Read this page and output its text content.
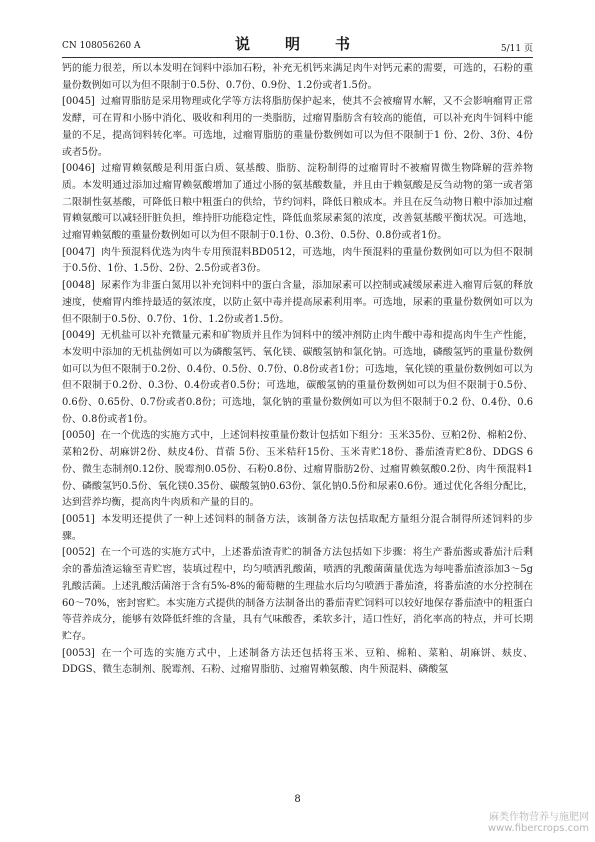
CN 108056260 A	说　明　书	5/11 页

钙的能力很差，所以本发明在饲料中添加石粉，补充无机钙来满足肉牛对钙元素的需要，可选的，石粉的重量份数例如可以为但不限制于0.5份、0.7份、0.9份、1.2份或者1.5份。

[0045] 过瘤胃脂肪是采用物理或化学等方法将脂肪保护起来，使其不会被瘤胃水解，又不会影响瘤胃正常发酵，可在胃和小肠中消化、吸收和利用的一类脂肪，过瘤胃脂肪含有较高的能值，可以补充肉牛饲料中能量的不足，提高饲料转化率。可选地，过瘤胃脂肪的重量份数例如可以为但不限制于1 份、2份、3份、4份或者5份。

[0046] 过瘤胃赖氨酸是利用蛋白质、氨基酸、脂肪、淀粉制得的过瘤胃时不被瘤胃微生物降解的营养物质。本发明通过添加过瘤胃赖氨酸增加了通过小肠的氨基酸数量，并且由于赖氨酸是反刍动物的第一或者第二限制性氨基酸，可降低日粮中粗蛋白的供给，节约饲料，降低日粮成本。并且在反刍动物日粮中添加过瘤胃赖氨酸可以减轻肝脏负担，维持肝功能稳定性，降低血浆尿素氮的浓度，改善氨基酸平衡状况。可选地，过瘤胃赖氨酸的重量份数例如可以为但不限制于0.1份、0.3份、0.5份、0.8份或者1份。

[0047] 肉牛预混料优选为肉牛专用预混料BD0512，可选地，肉牛预混料的重量份数例如可以为但不限制于0.5份、1份、1.5份、2份、2.5份或者3份。

[0048] 尿素作为非蛋白氮用以补充饲料中的蛋白含量，添加尿素可以控制或减缓尿素进入瘤胃后氨的释放速度，使瘤胃内维持最适的氨浓度，以防止氨中毒并提高尿素利用率。可选地，尿素的重量份数例如可以为但不限制于0.5份、0.7份、1份、1.2份或者1.5份。

[0049] 无机盐可以补充微量元素和矿物质并且作为饲料中的缓冲剂防止肉牛酸中毒和提高肉牛生产性能，本发明中添加的无机盐例如可以为磷酸氢钙、氧化镁、碳酸氢钠和氯化钠。可选地，磷酸氢钙的重量份数例如可以为但不限制于0.2份、0.4份、0.5份、0.7份、0.8份或者1份；可选地，氧化镁的重量份数例如可以为但不限制于0.2份、0.3份、0.4份或者0.5份；可选地，碳酸氢钠的重量份数例如可以为但不限制于0.5份、0.6份、0.65份、0.7份或者0.8份；可选地，氯化钠的重量份数例如可以为但不限制于0.2 份、0.4份、0.6份、0.8份或者1份。

[0050] 在一个优选的实施方式中，上述饲料按重量份数计包括如下组分：玉米35份、豆粕2份、棉粕2份、菜粕2份、胡麻饼2份、麸皮4份、苜蓿 5份、玉米秸秆15份、玉米青贮18份、番茄渣青贮8份、DDGS 6份、微生态制剂0.12份、脱霉剂0.05份、石粉0.8份、过瘤胃脂肪2份、过瘤胃赖氨酸0.2份、肉牛预混料1份、磷酸氢钙0.5份、氧化镁0.35份、碳酸氢钠0.63份、氯化钠0.5份和尿素0.6份。通过优化各组分配比，达到营养均衡，提高肉牛肉质和产量的目的。

[0051] 本发明还提供了一种上述饲料的制备方法，该制备方法包括取配方量组分混合制得所述饲料的步骤。

[0052] 在一个可选的实施方式中，上述番茄渣青贮的制备方法包括如下步骤：将生产番茄酱或番茄汁后剩余的番茄渣运输至青贮窖，装填过程中，均匀喷洒乳酸菌，喷洒的乳酸菌菌量优选为每吨番茄渣添加3～5g乳酸活菌。上述乳酸活菌溶于含有5%-8%的葡萄糖的生理盐水后均匀喷洒于番茄渣，将番茄渣的水分控制在60～70%，密封窖贮。本实施方式提供的制备方法制备出的番茄青贮饲料可以较好地保存番茄渣中的粗蛋白等营养成分，能够有效降低纤维的含量，具有气味酸香，柔软多汁，适口性好，消化率高的特点，并可长期贮存。

[0053] 在一个可选的实施方式中，上述制备方法还包括将玉米、豆粕、棉粕、菜粕、胡麻饼、麸皮、DDGS、微生态制剂、脱霉剂、石粉、过瘤胃脂肪、过瘤胃赖氨酸、肉牛预混料、磷酸氢

8
麻类作物营养与施肥网
www.fibercrops.com
